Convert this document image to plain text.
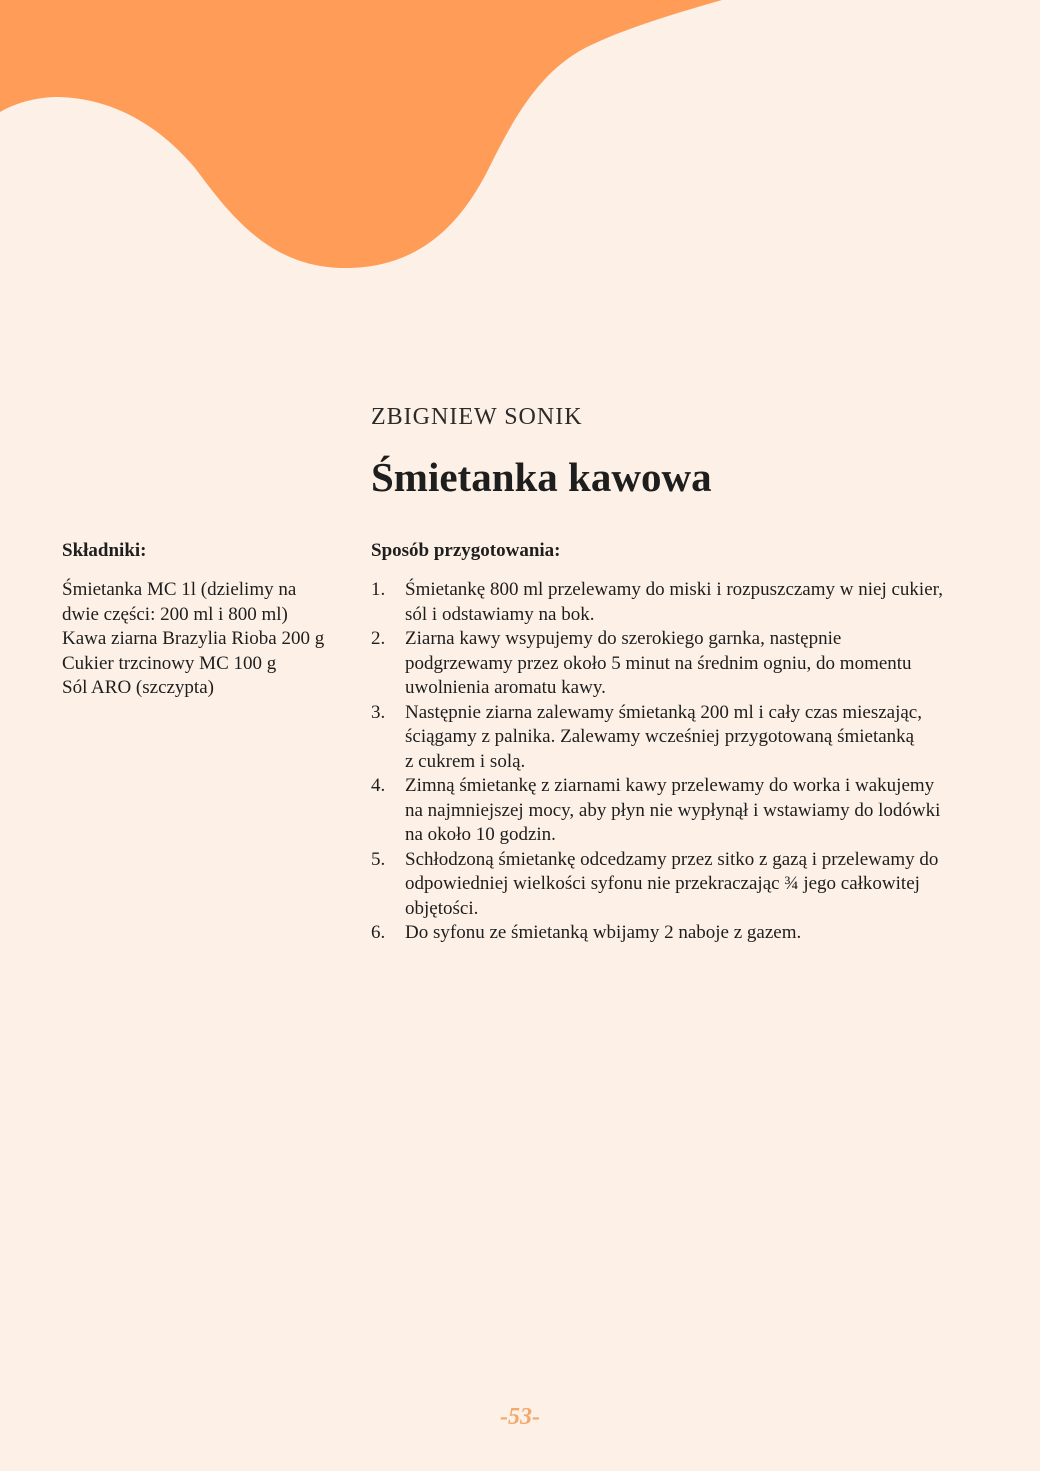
ZBIGNIEW SONIK
Śmietanka kawowa
Składniki:
Śmietanka MC 1l (dzielimy na
dwie części: 200 ml i 800 ml)
Kawa ziarna Brazylia Rioba 200 g
Cukier trzcinowy MC 100 g
Sól ARO (szczypta)
Sposób przygotowania:
1.	Śmietankę 800 ml przelewamy do miski i rozpuszczamy w niej cukier,
sól i odstawiamy na bok.
2.	Ziarna kawy wsypujemy do szerokiego garnka, następnie
podgrzewamy przez około 5 minut na średnim ogniu, do momentu
uwolnienia aromatu kawy.
3.	Następnie ziarna zalewamy śmietanką 200 ml i cały czas mieszając,
ściągamy z palnika. Zalewamy wcześniej przygotowaną śmietanką
z cukrem i solą.
4.	Zimną śmietankę z ziarnami kawy przelewamy do worka i wakujemy
na najmniejszej mocy, aby płyn nie wypłynął i wstawiamy do lodówki
na około 10 godzin.
5.	Schłodzoną śmietankę odcedzamy przez sitko z gazą i przelewamy do
odpowiedniej wielkości syfonu nie przekraczając ¾ jego całkowitej
objętości.
6.	Do syfonu ze śmietanką wbijamy 2 naboje z gazem.
-53-
